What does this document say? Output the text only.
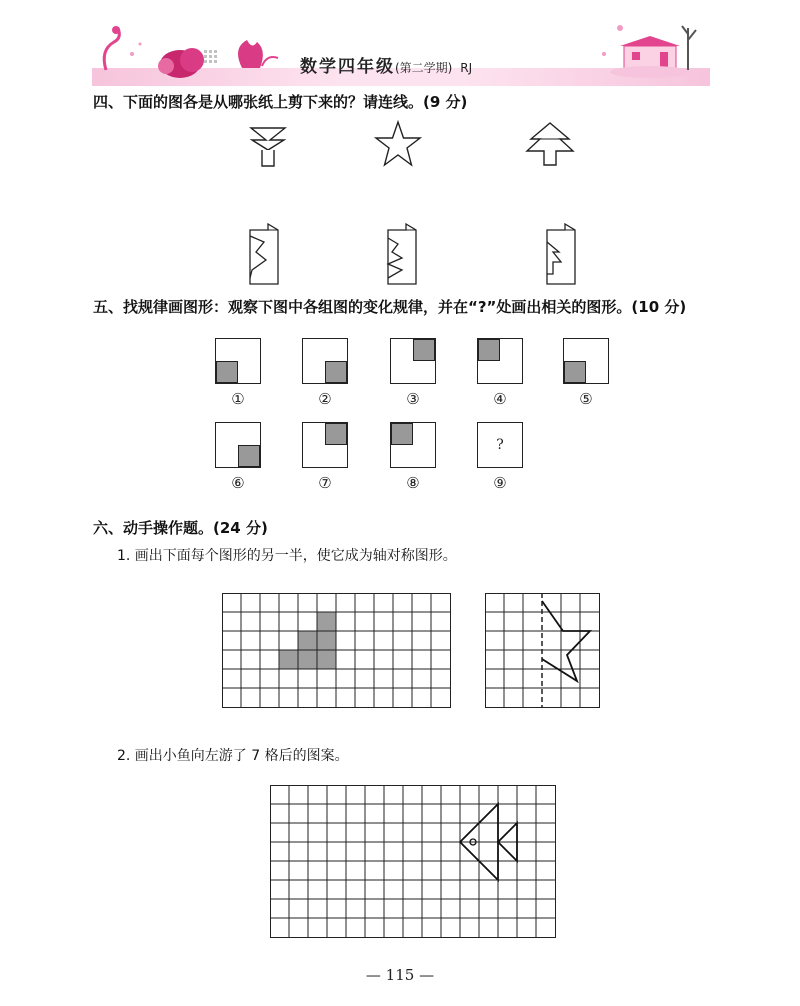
数学四年级(第二学期) RJ
四、下面的图各是从哪张纸上剪下来的？请连线。(9 分)
五、找规律画图形：观察下图中各组图的变化规律，并在“?”处画出相关的图形。(10 分)
①	②	③	④	⑤
?
⑥	⑦	⑧	⑨
六、动手操作题。(24 分)
1. 画出下面每个图形的另一半，使它成为轴对称图形。
2. 画出小鱼向左游了 7 格后的图案。
— 115 —
